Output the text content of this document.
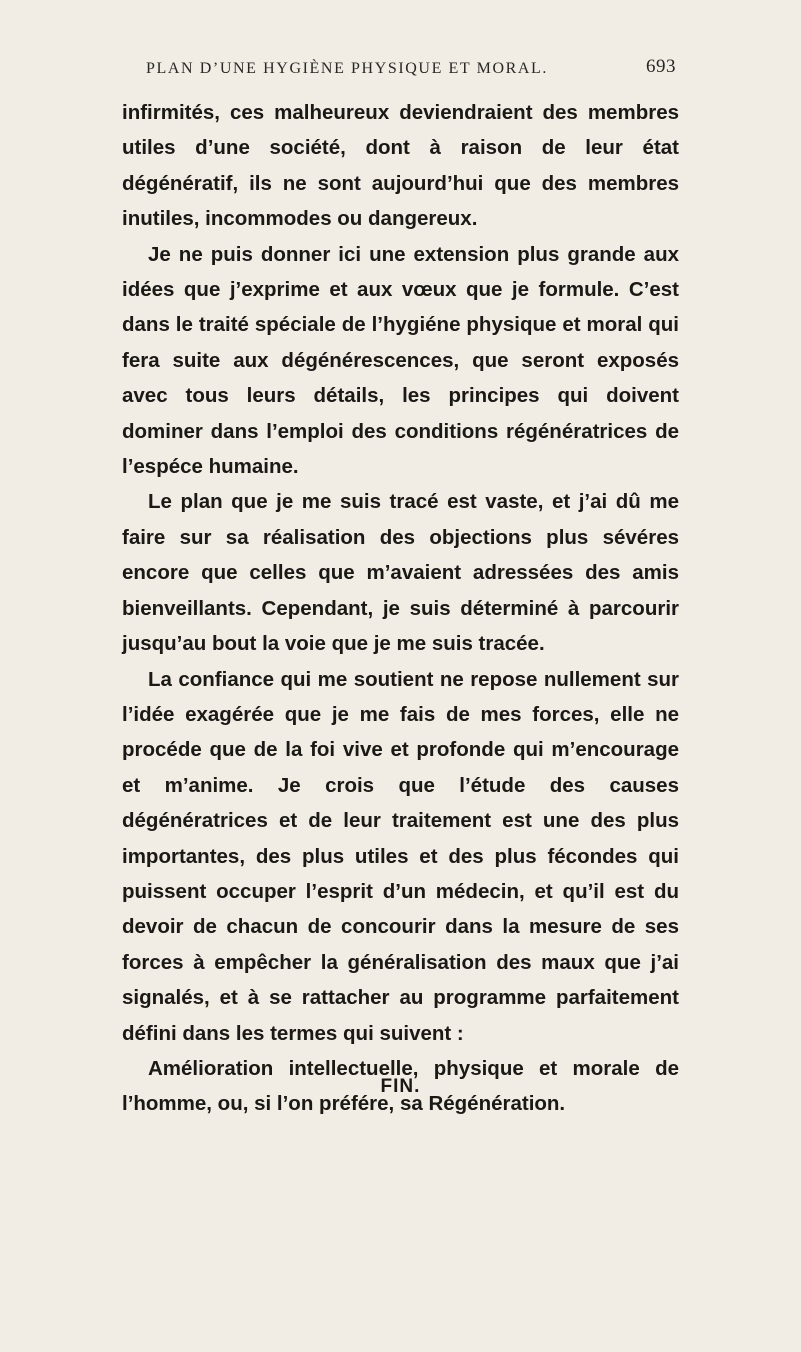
PLAN D’UNE HYGIÈNE PHYSIQUE ET MORAL.	693

infirmités, ces malheureux deviendraient des membres utiles d’une société, dont à raison de leur état dégénératif, ils ne sont aujourd’hui que des membres inutiles, incommodes ou dangereux.

Je ne puis donner ici une extension plus grande aux idées que j’exprime et aux vœux que je formule. C’est dans le traité spéciale de l’hygiéne physique et moral qui fera suite aux dégénérescences, que seront exposés avec tous leurs détails, les principes qui doivent dominer dans l’emploi des conditions régénératrices de l’espéce humaine.

Le plan que je me suis tracé est vaste, et j’ai dû me faire sur sa réalisation des objections plus sévéres encore que celles que m’avaient adressées des amis bienveillants. Cependant, je suis déterminé à parcourir jusqu’au bout la voie que je me suis tracée.

La confiance qui me soutient ne repose nullement sur l’idée exagérée que je me fais de mes forces, elle ne procéde que de la foi vive et profonde qui m’encourage et m’anime. Je crois que l’étude des causes dégénératrices et de leur traitement est une des plus importantes, des plus utiles et des plus fécondes qui puissent occuper l’esprit d’un médecin, et qu’il est du devoir de chacun de concourir dans la mesure de ses forces à empêcher la généralisation des maux que j’ai signalés, et à se rattacher au programme parfaitement défini dans les termes qui suivent :

Amélioration intellectuelle, physique et morale de l’homme, ou, si l’on préfére, sa Régénération.

FIN.
